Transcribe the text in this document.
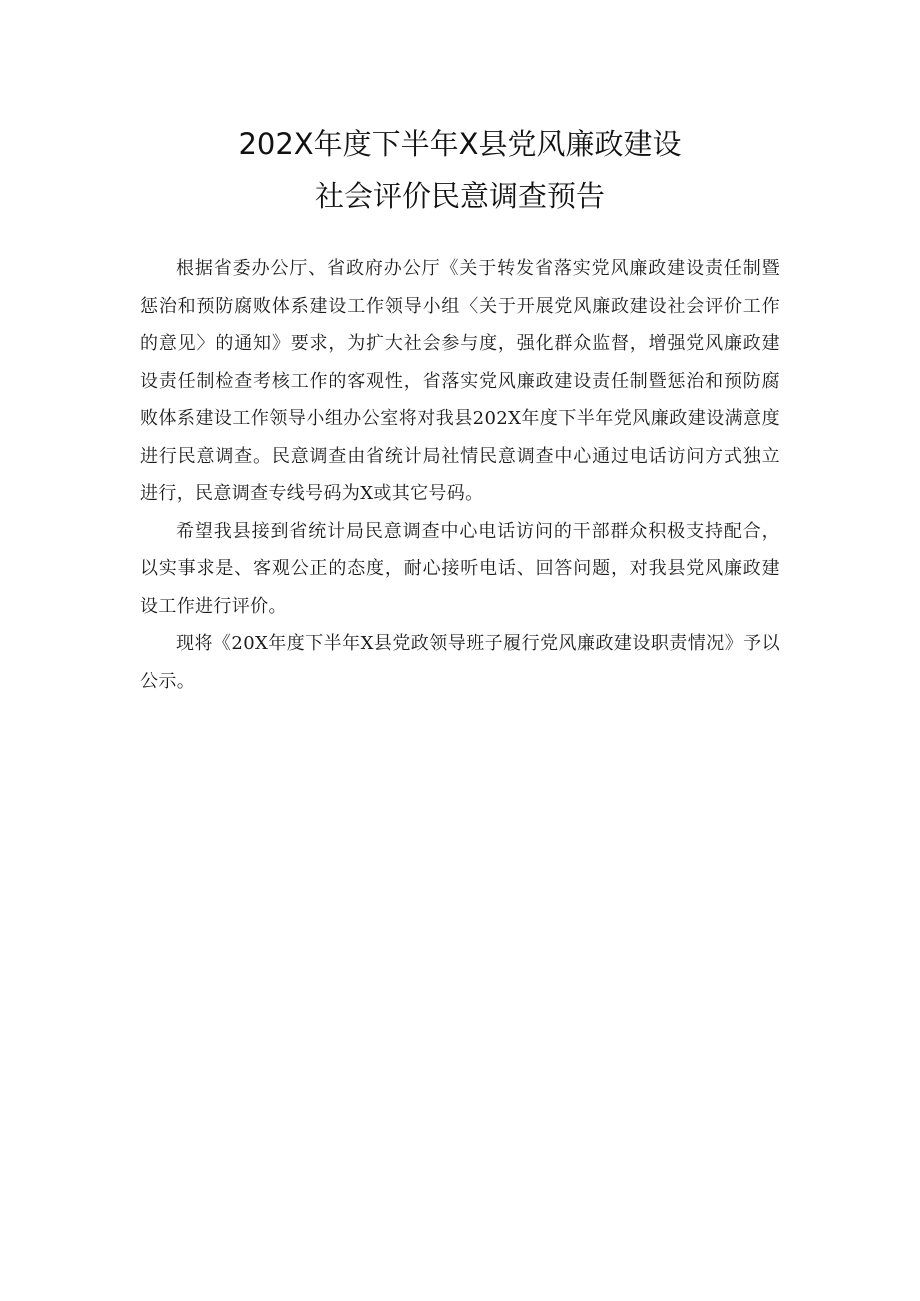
202X年度下半年X县党风廉政建设
社会评价民意调查预告

根据省委办公厅、省政府办公厅《关于转发省落实党风廉政建设责任制暨惩治和预防腐败体系建设工作领导小组〈关于开展党风廉政建设社会评价工作的意见〉的通知》要求，为扩大社会参与度，强化群众监督，增强党风廉政建设责任制检查考核工作的客观性，省落实党风廉政建设责任制暨惩治和预防腐败体系建设工作领导小组办公室将对我县202X年度下半年党风廉政建设满意度进行民意调查。民意调查由省统计局社情民意调查中心通过电话访问方式独立进行，民意调查专线号码为X或其它号码。

希望我县接到省统计局民意调查中心电话访问的干部群众积极支持配合，以实事求是、客观公正的态度，耐心接听电话、回答问题，对我县党风廉政建设工作进行评价。

现将《20X年度下半年X县党政领导班子履行党风廉政建设职责情况》予以公示。
